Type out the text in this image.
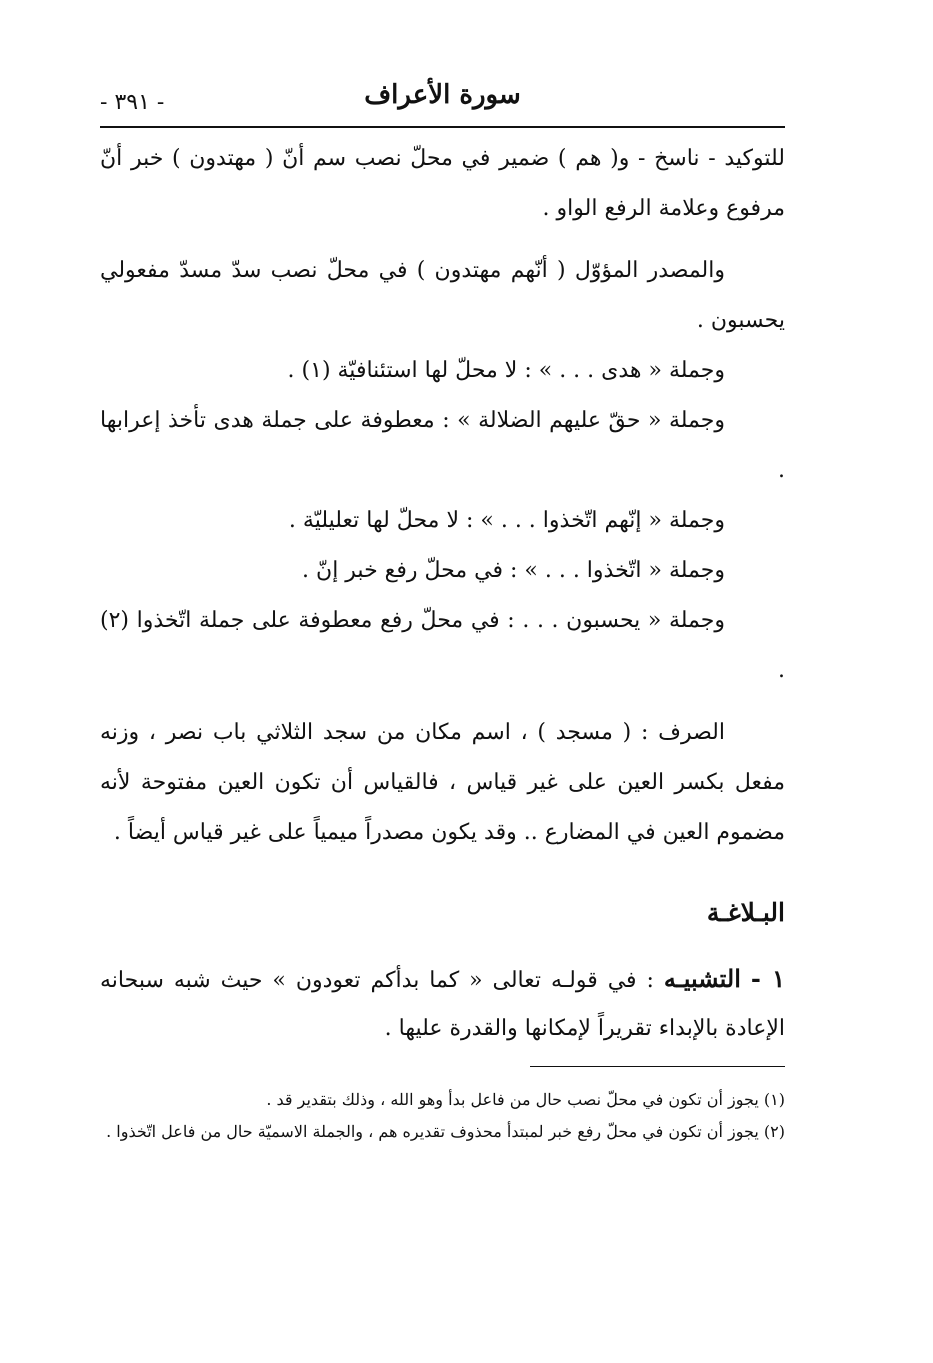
- ٣٩١ -	سورة الأعراف

للتوكيد - ناسخ - و( هم ) ضمير في محلّ نصب سم أنّ ( مهتدون ) خبر أنّ مرفوع وعلامة الرفع الواو .

والمصدر المؤوّل ( أنّهم مهتدون ) في محلّ نصب سدّ مسدّ مفعولي يحسبون .

وجملة « هدى . . . » : لا محلّ لها استئنافيّة (١) .

وجملة « حقّ عليهم الضلالة » : معطوفة على جملة هدى تأخذ إعرابها .

وجملة « إنّهم اتّخذوا . . . » : لا محلّ لها تعليليّة .

وجملة « اتّخذوا . . . » : في محلّ رفع خبر إنّ .

وجملة « يحسبون . . . : في محلّ رفع معطوفة على جملة اتّخذوا (٢) .

الصرف : ( مسجد ) ، اسم مكان من سجد الثلاثي باب نصر ، وزنه مفعل بكسر العين على غير قياس ، فالقياس أن تكون العين مفتوحة لأنه مضموم العين في المضارع .. وقد يكون مصدراً ميمياً على غير قياس أيضاً .

البـلاغـة
١ - التشبيـه : في قولـه تعالى « كما بدأكم تعودون » حيث شبه سبحانه الإعادة بالإبداء تقريراً لإمكانها والقدرة عليها .

(١) يجوز أن تكون في محلّ نصب حال من فاعل بدأ وهو الله ، وذلك بتقدير قد .

(٢) يجوز أن تكون في محلّ رفع خبر لمبتدأ محذوف تقديره هم ، والجملة الاسميّة حال من فاعل اتّخذوا .
